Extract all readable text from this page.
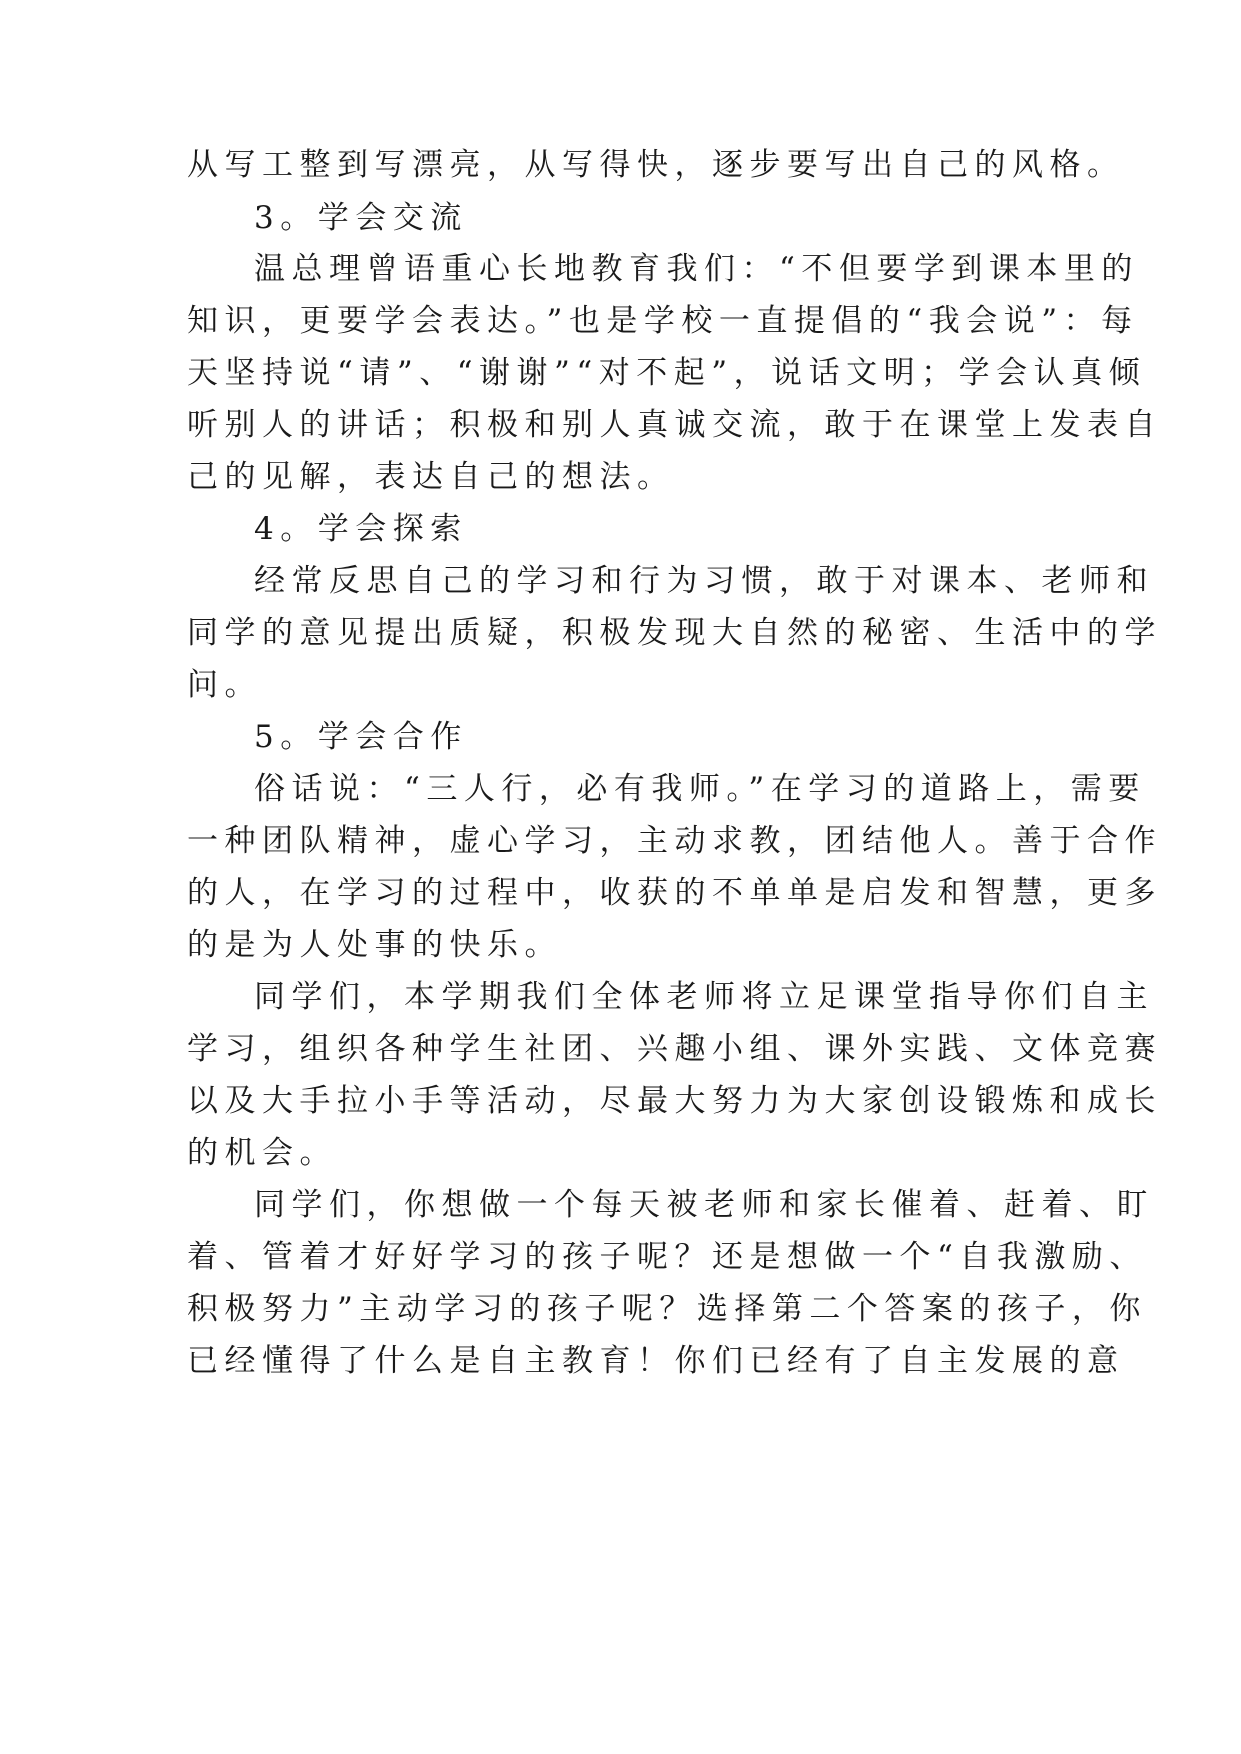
从写工整到写漂亮，从写得快，逐步要写出自己的风格。
3。学会交流
温总理曾语重心长地教育我们：“不但要学到课本里的
知识，更要学会表达。”也是学校一直提倡的“我会说”：每
天坚持说“请”、“谢谢”“对不起”，说话文明；学会认真倾
听别人的讲话；积极和别人真诚交流，敢于在课堂上发表自
己的见解，表达自己的想法。
4。学会探索
经常反思自己的学习和行为习惯，敢于对课本、老师和
同学的意见提出质疑，积极发现大自然的秘密、生活中的学
问。
5。学会合作
俗话说：“三人行，必有我师。”在学习的道路上，需要
一种团队精神，虚心学习，主动求教，团结他人。善于合作
的人，在学习的过程中，收获的不单单是启发和智慧，更多
的是为人处事的快乐。
同学们，本学期我们全体老师将立足课堂指导你们自主
学习，组织各种学生社团、兴趣小组、课外实践、文体竞赛
以及大手拉小手等活动，尽最大努力为大家创设锻炼和成长
的机会。
同学们，你想做一个每天被老师和家长催着、赶着、盯
着、管着才好好学习的孩子呢？还是想做一个“自我激励、
积极努力”主动学习的孩子呢？选择第二个答案的孩子，你
已经懂得了什么是自主教育！你们已经有了自主发展的意
